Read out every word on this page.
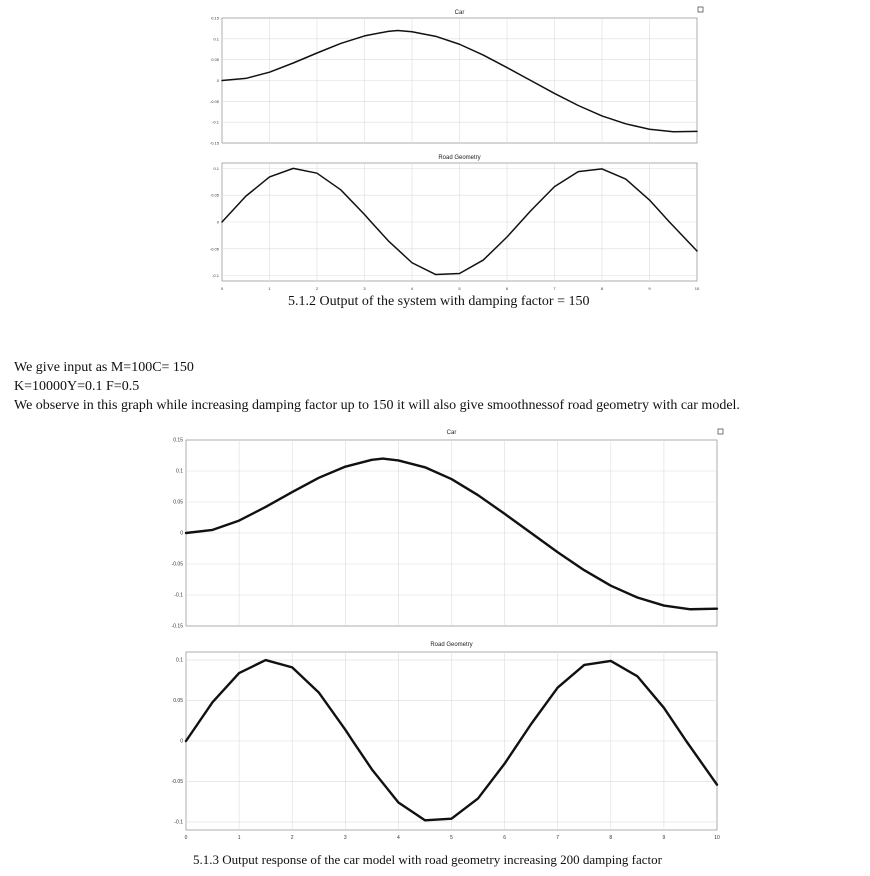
-0.15
-0.1
-0.05
0
0.05
0.1
0.15
Car
-0.1
-0.05
0
0.05
0.1
0	1	2	3	4	5	6	7	8	9	10
Road Geometry
-0.15
-0.1
-0.05
0
0.05
0.1
0.15
Car
-0.1
-0.05
0
0.05
0.1
0	1	2	3	4	5	6	7	8	9	10
Road Geometry
5.1.2 Output of the system with damping factor = 150
We give input as M=100C= 150
K=10000Y=0.1 F=0.5
We observe in this graph while increasing damping factor up to 150 it will also give smoothnessof road geometry with car model.
5.1.3 Output response of the car model with road geometry increasing 200 damping factor
